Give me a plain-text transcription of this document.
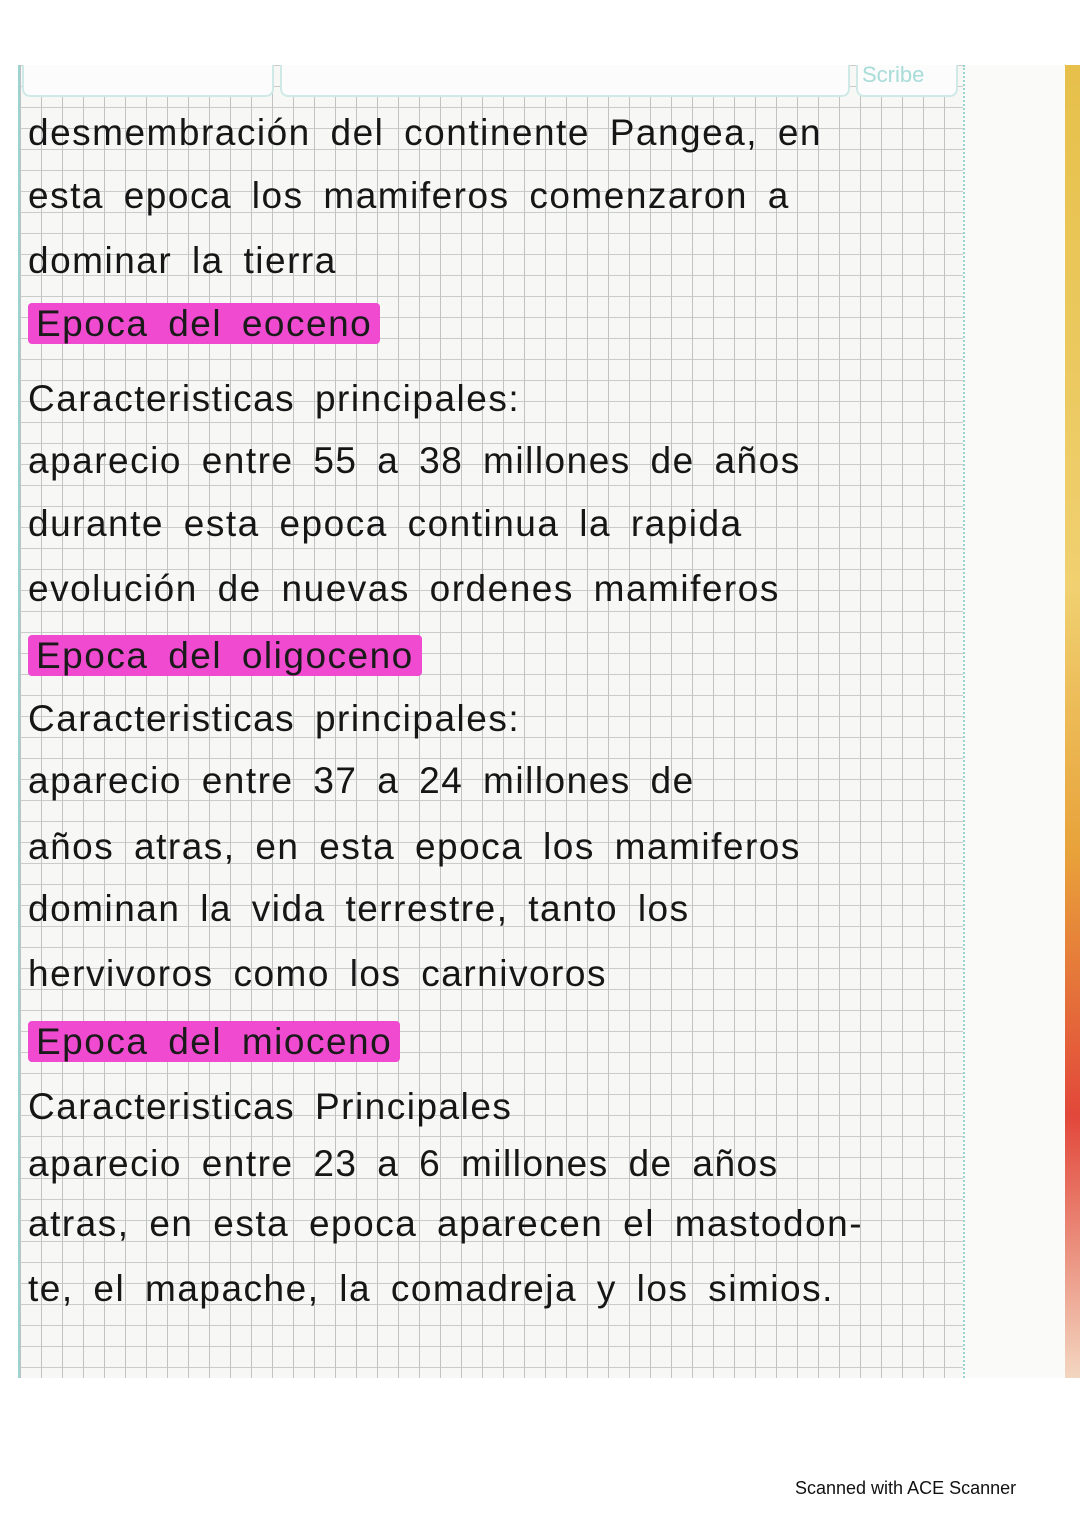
Scribe
desmembración del continente Pangea, en
esta epoca los mamiferos comenzaron a
dominar la tierra
Epoca del eoceno
Caracteristicas principales:
aparecio entre 55 a 38 millones de años
durante esta epoca continua la rapida
evolución de nuevas ordenes mamiferos
Epoca del oligoceno
Caracteristicas principales:
aparecio entre 37 a 24 millones de
años atras, en esta epoca los mamiferos
dominan la vida terrestre, tanto los
hervivoros como los carnivoros
Epoca del mioceno
Caracteristicas Principales
aparecio entre 23 a 6 millones de años
atras, en esta epoca aparecen el mastodon-
te, el mapache, la comadreja y los simios.
Scanned with ACE Scanner
